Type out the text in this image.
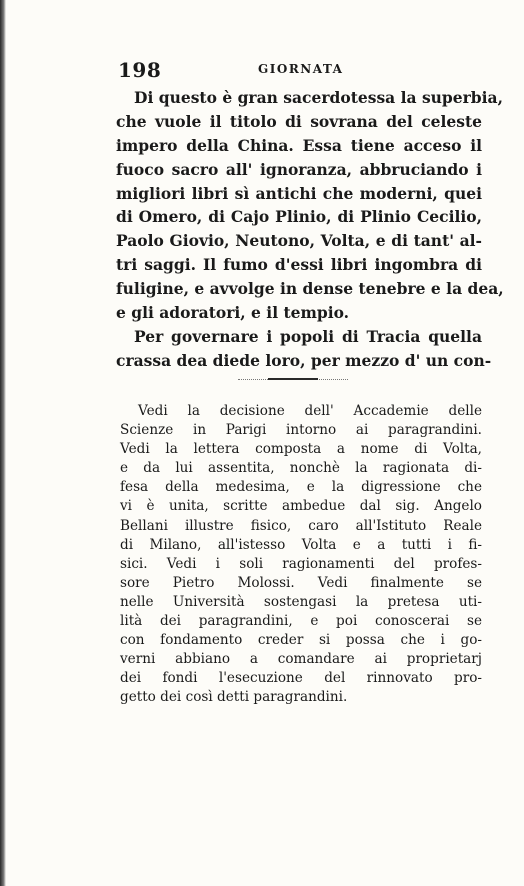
198	GIORNATA
Di questo è gran sacerdotessa la superbia,
che vuole il titolo di sovrana del celeste
impero della China. Essa tiene acceso il
fuoco sacro all' ignoranza, abbruciando i
migliori libri sì antichi che moderni, quei
di Omero, di Cajo Plinio, di Plinio Cecilio,
Paolo Giovio, Neutono, Volta, e di tant' al-
tri saggi. Il fumo d'essi libri ingombra di
fuligine, e avvolge in dense tenebre e la dea,
e gli adoratori, e il tempio.
Per governare i popoli di Tracia quella
crassa dea diede loro, per mezzo d' un con-
Vedi la decisione dell' Accademie delle
Scienze in Parigi intorno ai paragrandini.
Vedi la lettera composta a nome di Volta,
e da lui assentita, nonchè la ragionata di-
fesa della medesima, e la digressione che
vi è unita, scritte ambedue dal sig. Angelo
Bellani illustre fisico, caro all'Istituto Reale
di Milano, all'istesso Volta e a tutti i fi-
sici. Vedi i soli ragionamenti del profes-
sore Pietro Molossi. Vedi finalmente se
nelle Università sostengasi la pretesa uti-
lità dei paragrandini, e poi conoscerai se
con fondamento creder si possa che i go-
verni abbiano a comandare ai proprietarj
dei fondi l'esecuzione del rinnovato pro-
getto dei così detti paragrandini.
